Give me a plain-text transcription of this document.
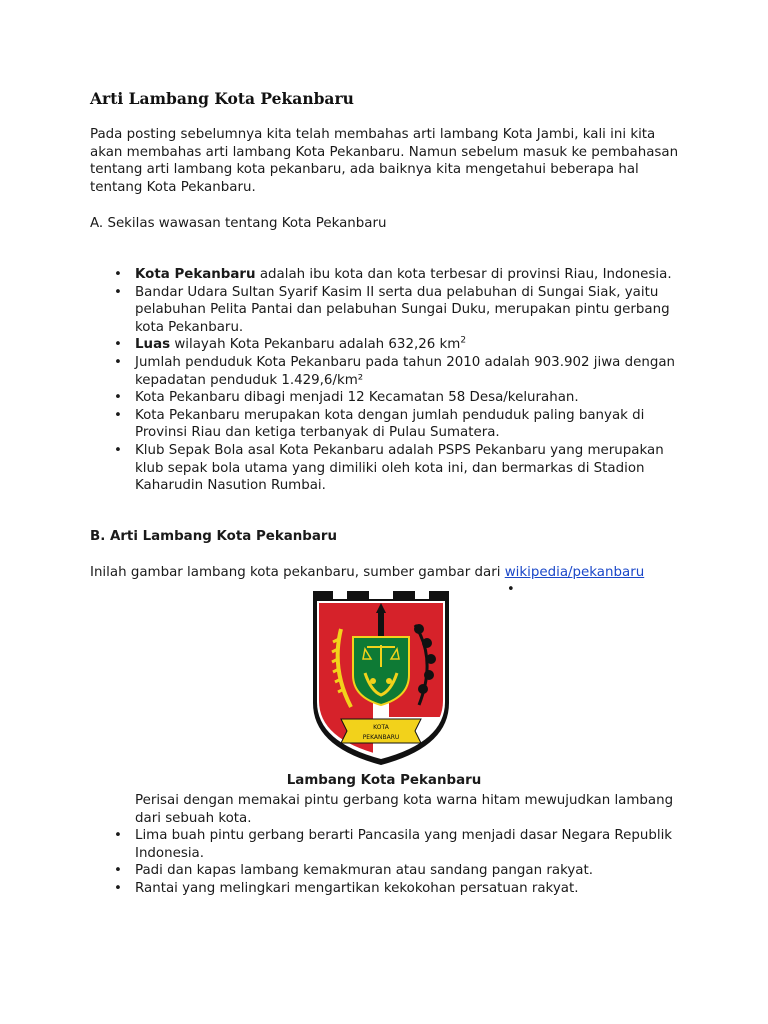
Arti Lambang Kota Pekanbaru

Pada posting sebelumnya kita telah membahas arti lambang Kota Jambi, kali ini kita
akan membahas arti lambang Kota Pekanbaru. Namun sebelum masuk ke pembahasan
tentang arti lambang kota pekanbaru, ada baiknya kita mengetahui beberapa hal
tentang Kota Pekanbaru.

A. Sekilas wawasan tentang Kota Pekanbaru

• Kota Pekanbaru adalah ibu kota dan kota terbesar di provinsi Riau, Indonesia.
• Bandar Udara Sultan Syarif Kasim II serta dua pelabuhan di Sungai Siak, yaitu
pelabuhan Pelita Pantai dan pelabuhan Sungai Duku, merupakan pintu gerbang
kota Pekanbaru.
• Luas wilayah Kota Pekanbaru adalah 632,26 $km^2$
• Jumlah penduduk Kota Pekanbaru pada tahun 2010 adalah 903.902 jiwa dengan
kepadatan penduduk 1.429,6/km²
• Kota Pekanbaru dibagi menjadi 12 Kecamatan 58 Desa/kelurahan.
• Kota Pekanbaru merupakan kota dengan jumlah penduduk paling banyak di
Provinsi Riau dan ketiga terbanyak di Pulau Sumatera.
• Klub Sepak Bola asal Kota Pekanbaru adalah PSPS Pekanbaru yang merupakan
klub sepak bola utama yang dimiliki oleh kota ini, dan bermarkas di Stadion
Kaharudin Nasution Rumbai.

B. Arti Lambang Kota Pekanbaru

Inilah gambar lambang kota pekanbaru, sumber gambar dari wikipedia/pekanbaru

•
KOTA
PEKANBARU
Lambang Kota Pekanbaru
Perisai dengan memakai pintu gerbang kota warna hitam mewujudkan lambang
dari sebuah kota.
• Lima buah pintu gerbang berarti Pancasila yang menjadi dasar Negara Republik
Indonesia.
• Padi dan kapas lambang kemakmuran atau sandang pangan rakyat.
• Rantai yang melingkari mengartikan kekokohan persatuan rakyat.
